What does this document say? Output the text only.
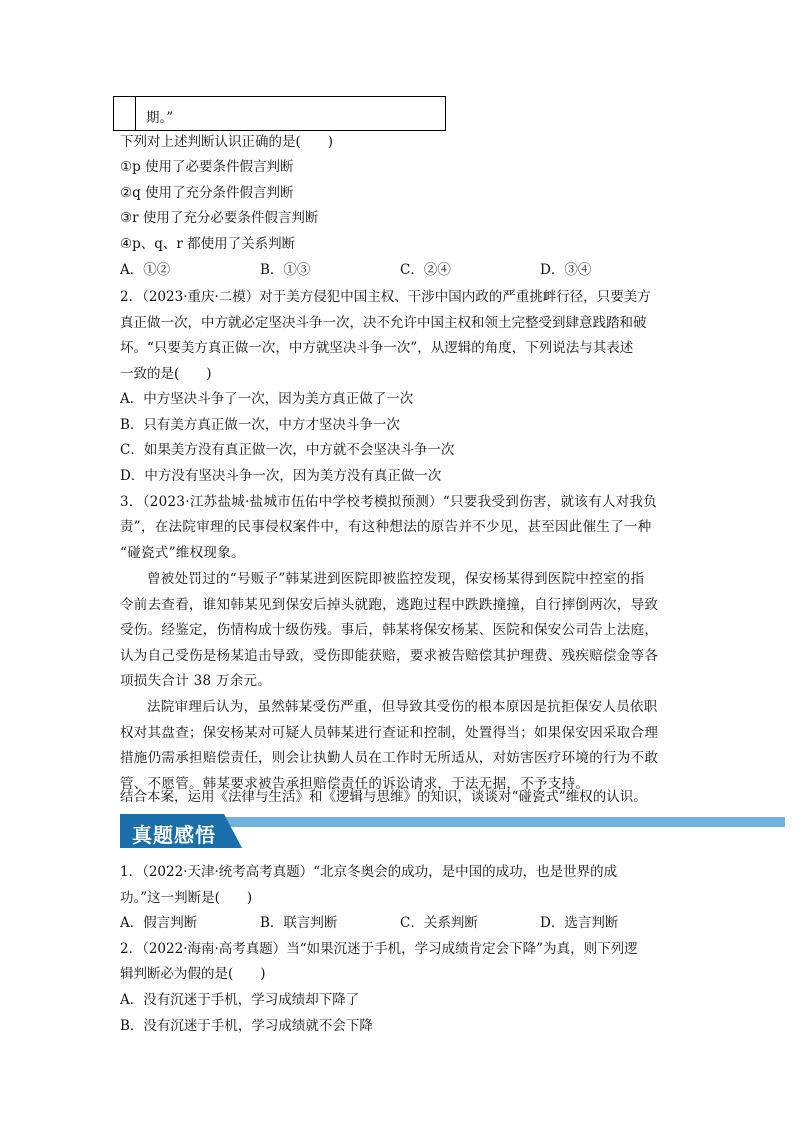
期。”
下列对上述判断认识正确的是(　　)
①p 使用了必要条件假言判断
②q 使用了充分条件假言判断
③r 使用了充分必要条件假言判断
④p、q、r 都使用了关系判断
A．①②	B．①③	C．②④	D．③④
2．（2023·重庆·二模）对于美方侵犯中国主权、干涉中国内政的严重挑衅行径，只要美方
真正做一次，中方就必定坚决斗争一次，决不允许中国主权和领土完整受到肆意践踏和破
坏。“只要美方真正做一次，中方就坚决斗争一次”，从逻辑的角度，下列说法与其表述
一致的是(　　)
A．中方坚决斗争了一次，因为美方真正做了一次
B．只有美方真正做一次，中方才坚决斗争一次
C．如果美方没有真正做一次，中方就不会坚决斗争一次
D．中方没有坚决斗争一次，因为美方没有真正做一次
3．（2023·江苏盐城·盐城市伍佑中学校考模拟预测）“只要我受到伤害，就该有人对我负
责”，在法院审理的民事侵权案件中，有这种想法的原告并不少见，甚至因此催生了一种
“碰瓷式”维权现象。
曾被处罚过的“号贩子”韩某进到医院即被监控发现，保安杨某得到医院中控室的指
令前去查看，谁知韩某见到保安后掉头就跑，逃跑过程中跌跌撞撞，自行摔倒两次，导致
受伤。经鉴定，伤情构成十级伤残。事后，韩某将保安杨某、医院和保安公司告上法庭，
认为自己受伤是杨某追击导致，受伤即能获赔，要求被告赔偿其护理费、残疾赔偿金等各
项损失合计 38 万余元。
法院审理后认为，虽然韩某受伤严重，但导致其受伤的根本原因是抗拒保安人员依职
权对其盘查；保安杨某对可疑人员韩某进行查证和控制，处置得当；如果保安因采取合理
措施仍需承担赔偿责任，则会让执勤人员在工作时无所适从，对妨害医疗环境的行为不敢
管、不愿管。韩某要求被告承担赔偿责任的诉讼请求，于法无据，不予支持。
结合本案，运用《法律与生活》和《逻辑与思维》的知识，谈谈对“碰瓷式”维权的认识。
真题感悟
1．（2022·天津·统考高考真题）“北京冬奥会的成功，是中国的成功，也是世界的成
功。”这一判断是(　　)
A．假言判断	B．联言判断	C．关系判断	D．选言判断
2．（2022·海南·高考真题）当“如果沉迷于手机，学习成绩肯定会下降”为真，则下列逻
辑判断必为假的是(　　)
A．没有沉迷于手机，学习成绩却下降了
B．没有沉迷于手机，学习成绩就不会下降
